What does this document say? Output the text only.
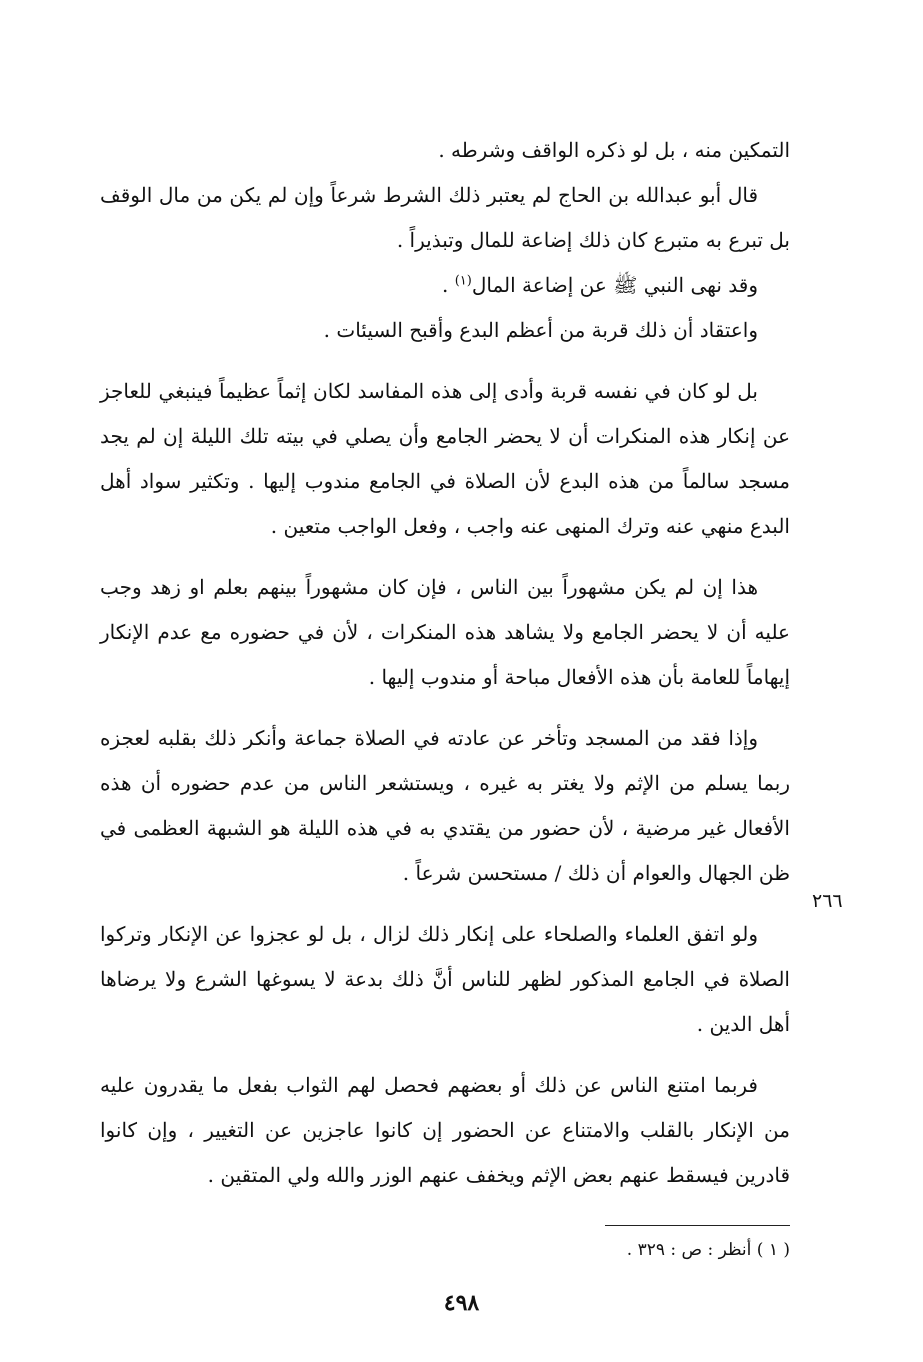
التمكين منه ، بل لو ذكره الواقف وشرطه .

قال أبو عبدالله بن الحاج لم يعتبر ذلك الشرط شرعاً وإن لم يكن من مال الوقف بل تبرع به متبرع كان ذلك إضاعة للمال وتبذيراً .

وقد نهى النبي ﷺ عن إضاعة المال$^{(١)}$ .

واعتقاد أن ذلك قربة من أعظم البدع وأقبح السيئات .

بل لو كان في نفسه قربة وأدى إلى هذه المفاسد لكان إثماً عظيماً فينبغي للعاجز عن إنكار هذه المنكرات أن لا يحضر الجامع وأن يصلي في بيته تلك الليلة إن لم يجد مسجد سالماً من هذه البدع لأن الصلاة في الجامع مندوب إليها . وتكثير سواد أهل البدع منهي عنه وترك المنهى عنه واجب ، وفعل الواجب متعين .

هذا إن لم يكن مشهوراً بين الناس ، فإن كان مشهوراً بينهم بعلم او زهد وجب عليه أن لا يحضر الجامع ولا يشاهد هذه المنكرات ، لأن في حضوره مع عدم الإنكار إيهاماً للعامة بأن هذه الأفعال مباحة أو مندوب إليها .

وإذا فقد من المسجد وتأخر عن عادته في الصلاة جماعة وأنكر ذلك بقلبه لعجزه ربما يسلم من الإثم ولا يغتر به غيره ، ويستشعر الناس من عدم حضوره أن هذه الأفعال غير مرضية ، لأن حضور من يقتدي به في هذه الليلة هو الشبهة العظمى في ظن الجهال والعوام أن ذلك / مستحسن شرعاً .

ولو اتفق العلماء والصلحاء على إنكار ذلك لزال ، بل لو عجزوا عن الإنكار وتركوا الصلاة في الجامع المذكور لظهر للناس أنَّ ذلك بدعة لا يسوغها الشرع ولا يرضاها أهل الدين .

فربما امتنع الناس عن ذلك أو بعضهم فحصل لهم الثواب بفعل ما يقدرون عليه من الإنكار بالقلب والامتناع عن الحضور إن كانوا عاجزين عن التغيير ، وإن كانوا قادرين فيسقط عنهم بعض الإثم ويخفف عنهم الوزر والله ولي المتقين .

٢٦٦
( ١ ) أنظر : ص : ٣٢٩ .
٤٩٨
